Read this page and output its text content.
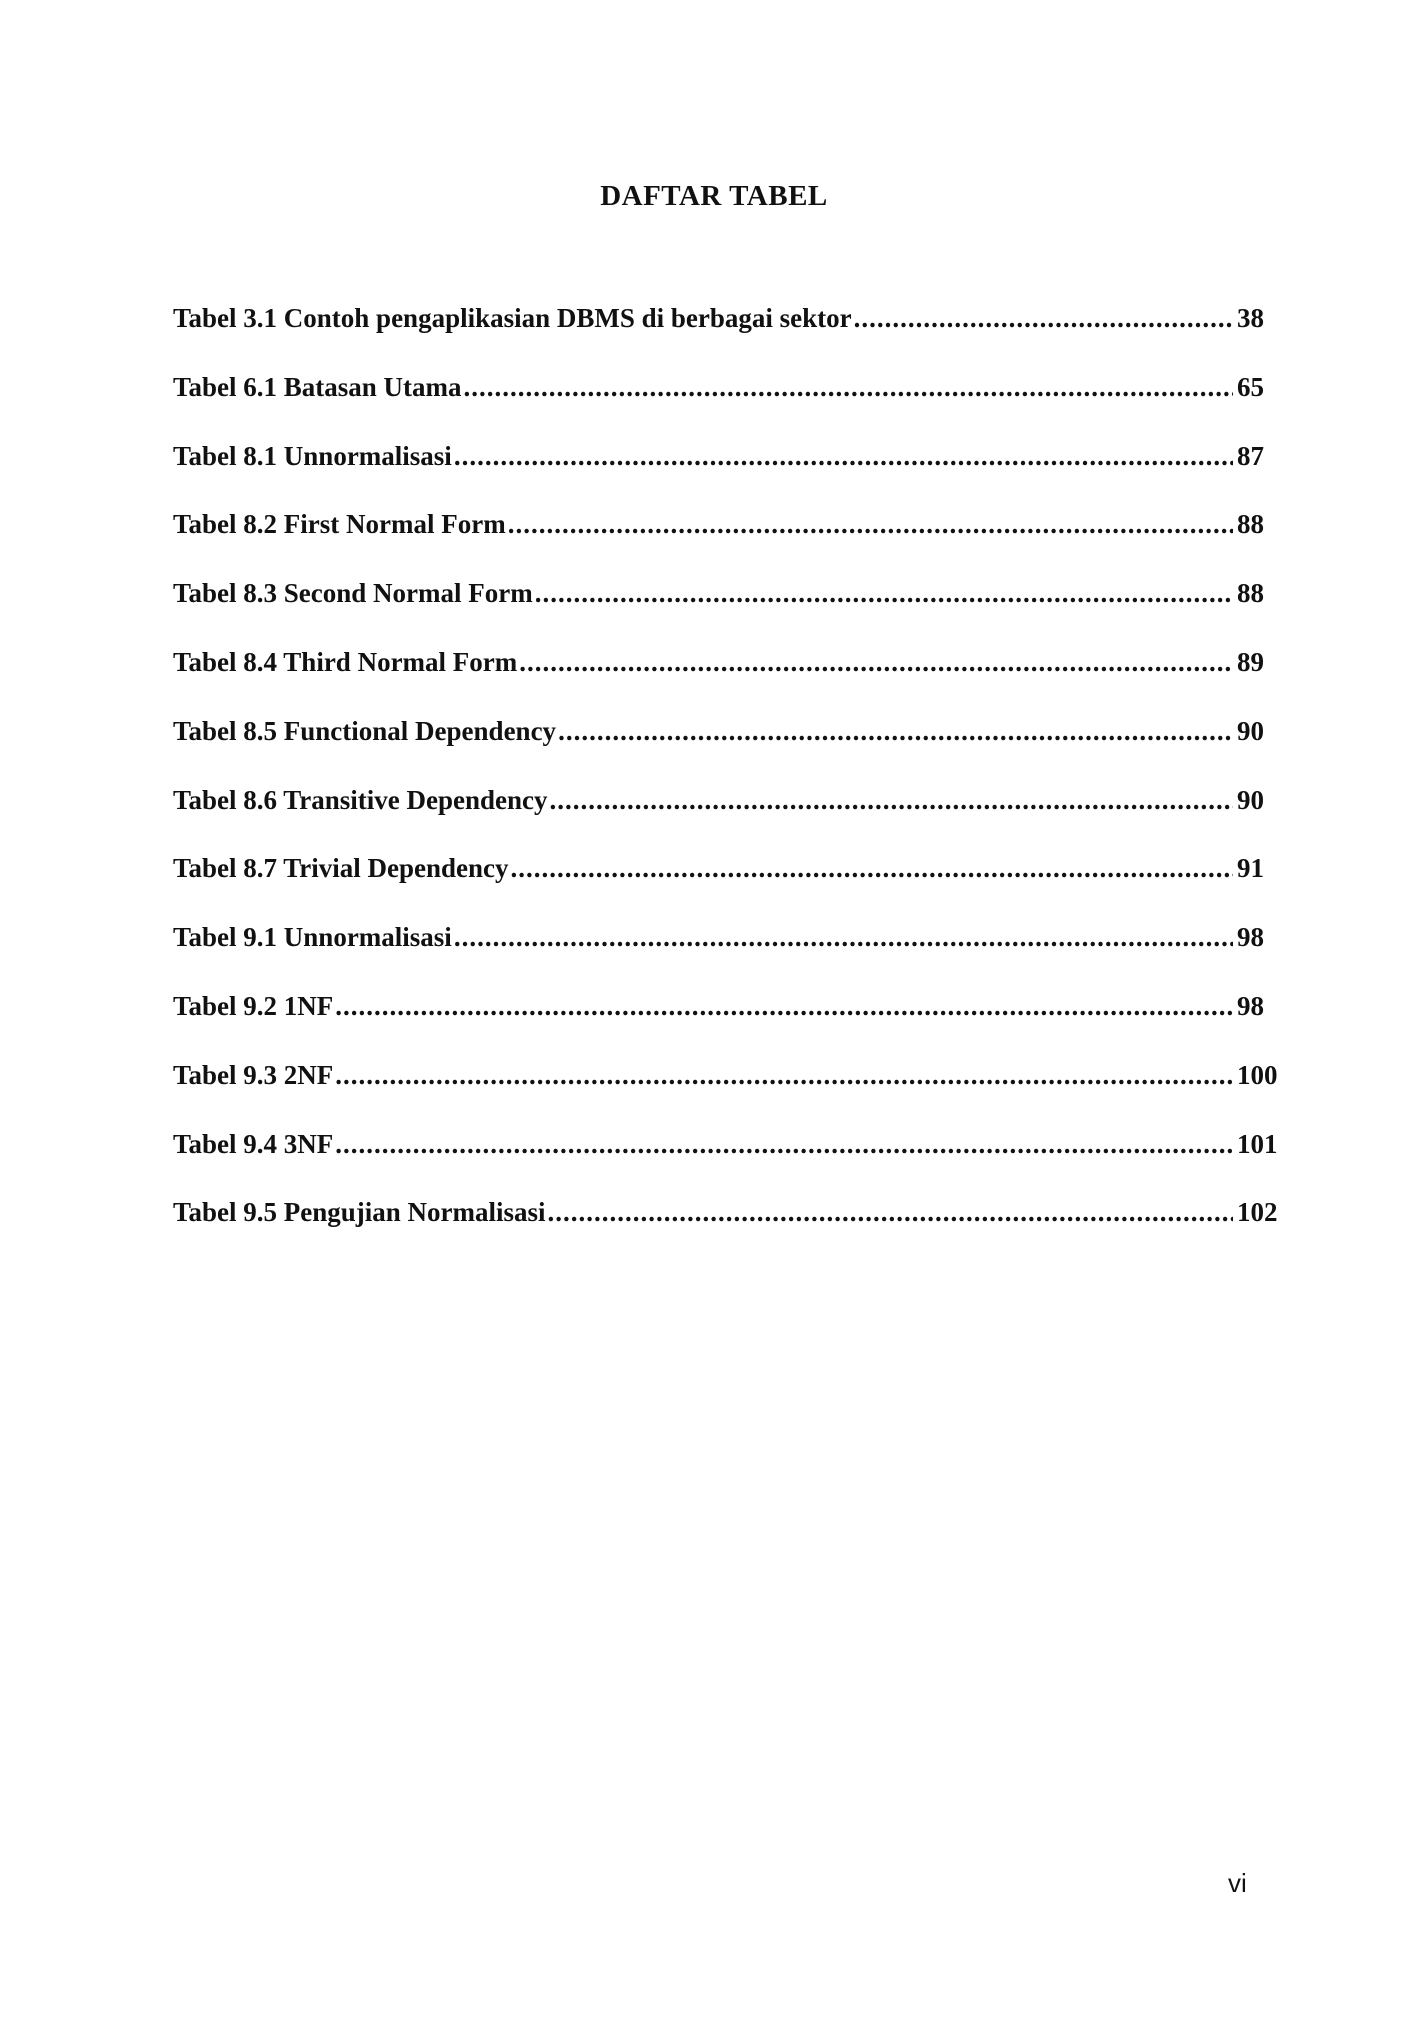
DAFTAR TABEL
Tabel 3.1 Contoh pengaplikasian DBMS di berbagai sektor .....	38
Tabel 6.1 Batasan Utama .....	65
Tabel 8.1 Unnormalisasi .....	87
Tabel 8.2 First Normal Form .....	88
Tabel 8.3 Second Normal Form .....	88
Tabel 8.4 Third Normal Form .....	89
Tabel 8.5 Functional Dependency .....	90
Tabel 8.6 Transitive Dependency .....	90
Tabel 8.7 Trivial Dependency .....	91
Tabel 9.1 Unnormalisasi .....	98
Tabel 9.2 1NF .....	98
Tabel 9.3 2NF .....	100
Tabel 9.4 3NF .....	101
Tabel 9.5 Pengujian Normalisasi .....	102
vi
